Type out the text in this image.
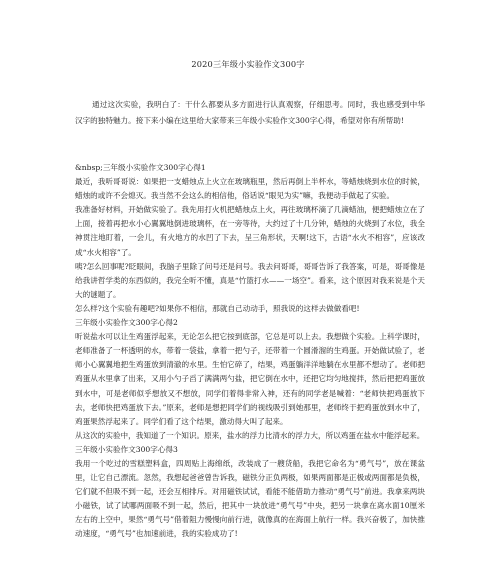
2020三年级小实验作文300字

通过这次实验，我明白了：干什么都要从多方面进行认真观察，仔细思考。同时，我也感受到中华汉字的独特魅力。接下来小编在这里给大家带来三年级小实验作文300字心得，希望对你有所帮助!

&nbsp;三年级小实验作文300字心得1

最近，我听哥哥说：如果把一支蜡烛点上火立在玻璃瓶里，然后再倒上半杯水，等蜡烛烧到水位的时候，蜡烛的或许不会熄灭。我当然不会这么的相信他，俗话说“眼见为实”嘛，我便动手做起了实验。

我准备好材料，开始做实验了。我先用打火机把蜡烛点上火，再往玻璃杯滴了几滴蜡油，便把蜡烛立在了上面，接着再把水小心翼翼地倒进玻璃杯，在一旁等待，大约过了十几分钟，蜡烛的火烧到了水位，我全神贯注地盯着，一会儿，有火地方的水凹了下去，呈三角形状，天啊!这下，古语“水火不相容”，应该改成“水火相容”了。

咦?怎么回事呢?眨眼间，我脑子里除了问号还是问号。我去问哥哥，哥哥告诉了我答案，可是，哥哥像是给我讲哲学类的东西似的，我完全听不懂，真是“竹篮打水——一场空”。看来，这个原因对我来说是个天大的谜题了。

怎么样?这个实验有趣吧?如果你不相信，那就自己动动手，照我说的这样去做做看吧!

三年级小实验作文300字心得2

听说盐水可以让生鸡蛋浮起来，无论怎么把它按到底部，它总是可以上去。我想做个实验。上科学课时，老师准备了一杯透明的水，带着一袋盐，拿着一把勺子，还带着一个圆滑溜的生鸡蛋。开始做试验了，老师小心翼翼地把生鸡蛋放到清澈的水里。生怕它碎了，结果，鸡蛋躺洋洋地躺在水里都不想动了。老师把鸡蛋从水里拿了出来，又用小勺子舀了满满两勺盐，把它倒在水中，还把它均匀地搅拌，然后把把鸡蛋放到水中，可是老师似乎想放又不想放，同学们着得非常入神，还有的同学老是喊着：“老师快把鸡蛋放下去，老师快把鸡蛋放下去。”原来，老师是想把同学们的视线吸引到她那里，老师终于把鸡蛋放到水中了，鸡蛋果然浮起来了。同学们看了这个结果，激动得大叫了起来。

从这次的实验中，我知道了一个知识。原来，盐水的浮力比清水的浮力大，所以鸡蛋在盐水中能浮起来。

三年级小实验作文300字心得3

我用一个吃过的雪糕塑料盒，四周贴上海绵纸，改装成了一艘货船，我把它命名为“勇气号”，放在课盆里，让它自己漂流。忽然，我想起爸爸曾告诉我，磁铁分正负两极，如果两面都是正极或两面都是负极，它们就不但吸不到一起，还会互相排斥。对用磁铁试试，看能不能借助力推动“勇气号”前进。我拿来两块小磁铁，试了试哪两面吸不到一起，然后，把其中一块放进“勇气号”中央，把另一块拿在离水面10厘米左右的上空中，果然“勇气号”借着阻力慢慢向前行进，就像真的在海面上航行一样。我兴奋极了，加快推动速度，“勇气号”也加速前进，我的实验成功了!
